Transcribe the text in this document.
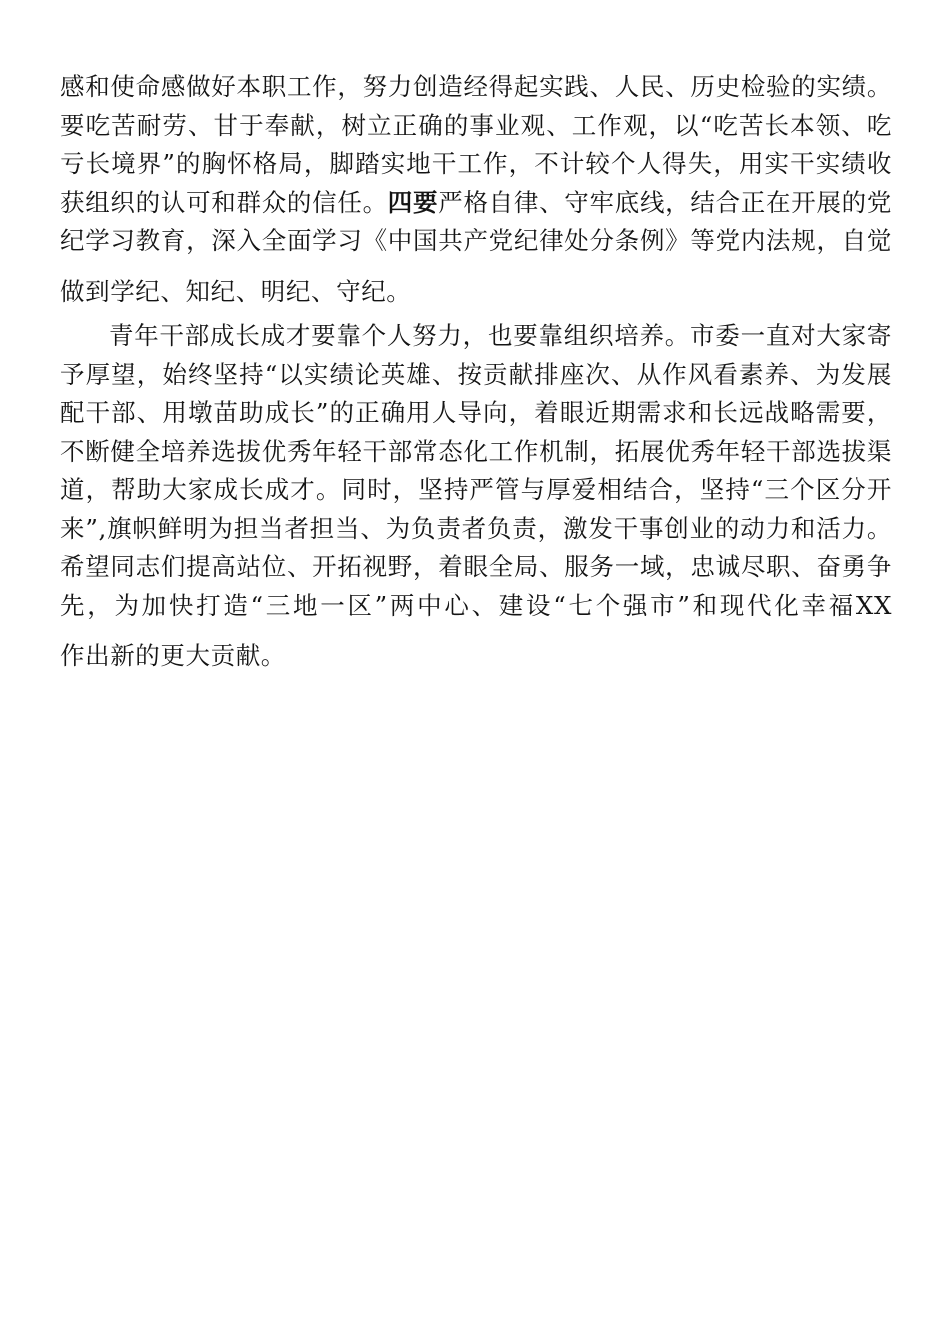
感和使命感做好本职工作，努力创造经得起实践、人民、历史检验的实绩。
要吃苦耐劳、甘于奉献，树立正确的事业观、工作观，以“吃苦长本领、吃
亏长境界”的胸怀格局，脚踏实地干工作，不计较个人得失，用实干实绩收
获组织的认可和群众的信任。四要严格自律、守牢底线，结合正在开展的党
纪学习教育，深入全面学习《中国共产党纪律处分条例》等党内法规，自觉
做到学纪、知纪、明纪、守纪。
青年干部成长成才要靠个人努力，也要靠组织培养。市委一直对大家寄
予厚望，始终坚持“以实绩论英雄、按贡献排座次、从作风看素养、为发展
配干部、用墩苗助成长”的正确用人导向，着眼近期需求和长远战略需要，
不断健全培养选拔优秀年轻干部常态化工作机制，拓展优秀年轻干部选拔渠
道，帮助大家成长成才。同时，坚持严管与厚爱相结合，坚持“三个区分开
来”,旗帜鲜明为担当者担当、为负责者负责，激发干事创业的动力和活力。
希望同志们提高站位、开拓视野，着眼全局、服务一域，忠诚尽职、奋勇争
先，为加快打造“三地一区”两中心、建设“七个强市”和现代化幸福XX
作出新的更大贡献。
